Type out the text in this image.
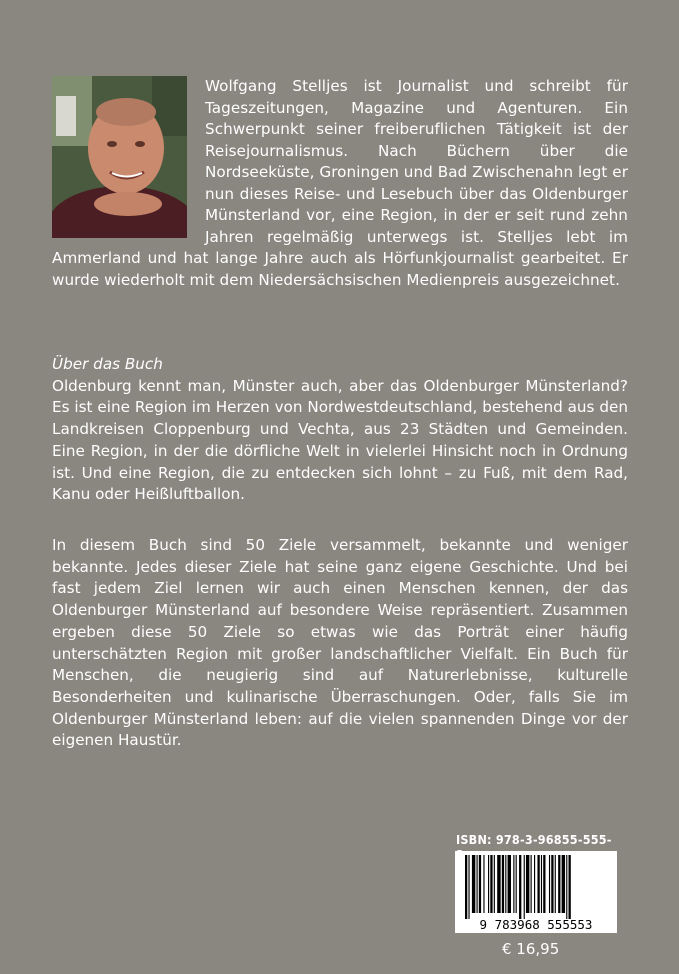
Wolfgang Stelljes ist Journalist und schreibt für Tageszeitungen, Magazine und Agenturen. Ein Schwerpunkt seiner freiberuflichen Tätigkeit ist der Reisejournalismus. Nach Büchern über die Nordseeküste, Groningen und Bad Zwischenahn legt er nun dieses Reise- und Lesebuch über das Oldenburger Münsterland vor, eine Region, in der er seit rund zehn Jahren regelmäßig unterwegs ist. Stelljes lebt im Ammerland und hat lange Jahre auch als Hörfunkjournalist gearbeitet. Er wurde wiederholt mit dem Niedersächsischen Medienpreis ausgezeichnet.
Über das Buch
Oldenburg kennt man, Münster auch, aber das Oldenburger Münsterland? Es ist eine Region im Herzen von Nordwestdeutschland, bestehend aus den Landkreisen Cloppenburg und Vechta, aus 23 Städten und Gemeinden. Eine Region, in der die dörfliche Welt in vielerlei Hinsicht noch in Ordnung ist. Und eine Region, die zu entdecken sich lohnt – zu Fuß, mit dem Rad, Kanu oder Heißluftballon.
In diesem Buch sind 50 Ziele versammelt, bekannte und weniger bekannte. Jedes dieser Ziele hat seine ganz eigene Geschichte. Und bei fast jedem Ziel lernen wir auch einen Menschen kennen, der das Oldenburger Münsterland auf besondere Weise repräsentiert. Zusammen ergeben diese 50 Ziele so etwas wie das Porträt einer häufig unterschätzten Region mit großer landschaftlicher Vielfalt. Ein Buch für Menschen, die neugierig sind auf Naturerlebnisse, kulturelle Besonderheiten und kulinarische Überraschungen. Oder, falls Sie im Oldenburger Münsterland leben: auf die vielen spannenden Dinge vor der eigenen Haustür.
ISBN: 978-3-96855-555-
9 783968 555553
€ 16,95
